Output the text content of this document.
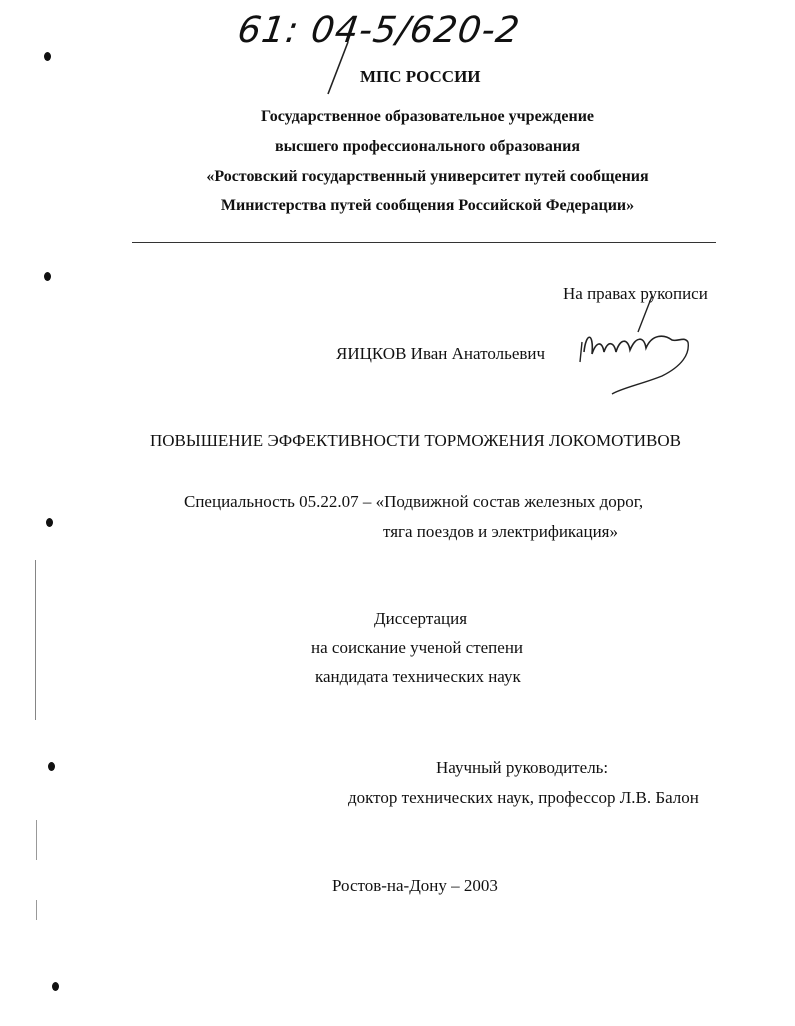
61: 04-5/620-2
МПС РОССИИ
Государственное образовательное учреждение
высшего профессионального образования
«Ростовский государственный университет путей сообщения
Министерства путей сообщения Российской Федерации»
На правах рукописи
ЯИЦКОВ Иван Анатольевич
ПОВЫШЕНИЕ ЭФФЕКТИВНОСТИ ТОРМОЖЕНИЯ ЛОКОМОТИВОВ
Специальность 05.22.07 – «Подвижной состав железных дорог,
тяга поездов и электрификация»
Диссертация
на соискание ученой степени
кандидата технических наук
Научный руководитель:
доктор технических наук, профессор Л.В. Балон
Ростов-на-Дону – 2003
